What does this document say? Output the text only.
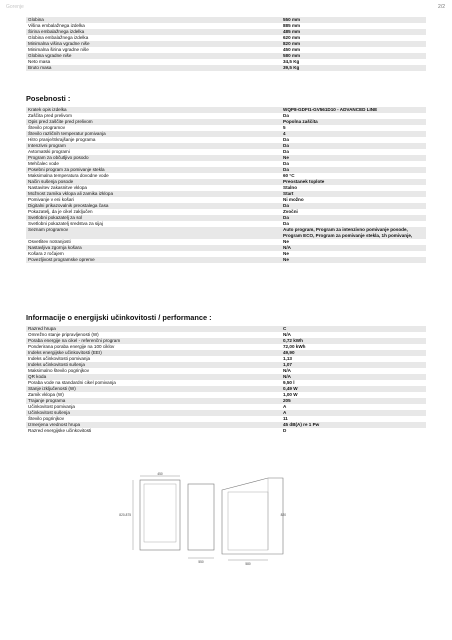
Gorenje	2/2
Globina	550 mm
Višina embalažnega izdelka	885 mm
Širina embalažnega izdelka	485 mm
Globina embalažnega izdelka	620 mm
Minimalna višina vgradne niše	820 mm
Minimalna širina vgradne niše	450 mm
Globina vgradne niše	580 mm
Neto masa	34,5 Kg
Bruto masa	39,5 Kg
Posebnosti :
Kratek opis izdelka	WQP8-GDFI1-GV561D10 - ADVANCED LINE
Zaščita pred prelivom	Da
Opis pred zaščite pred prelivom	Popolna zaščita
Število programov	5
Število različnih temperatur pomivanja	4
Hitro pranje/Skrajšanje programa	Da
Intenzivni program	Da
Avtomatski programi	Da
Program za občutljivo posodo	Ne
Mehčalec vode	Da
Posebni program za pomivanje stekla	Da
Maksimalna temperatura dovodne vode	60 °C
Način sušenja posode	Preostanek toplote
Nastavitev zakasnitve vklopa	Stalno
Možnost zamika vklopa ali zamika izklopa	Start
Pomivanje v eni košari	Ni možno
Digitalni prikazovalnik preostalega časa	Da
Pokazatelj, da je cikel zaključen	Zvočni
Svetlobni pokazatelj za sol	Da
Svetlobni pokazatelj sredstva za sijaj	Da
Seznam programov	Auto program, Program za intenzivno pomivanje posode, Program ECO, Program za pomivanje stekla, 1h pomivanje,
Osvetlitev notranjosti	Ne
Nastavljiva zgornja košara	N/A
Košara z ročajem	Ne
Povezljivost programske opreme	Ne
Informacije o energijski učinkovitosti / performance :
Razred hrupa	C
Omrežno stanje pripravljenosti (W)	N/A
Poraba energije na cikel - referenčni program	0,72 kWh
Ponderirana poraba energije na 100 ciklov	72,00 kWh
Indeks energijske učinkovitosti (EEI)	49,90
Indeks učinkovitosti pomivanja	1,13
Indeks učinkovitosti sušenja	1,07
Maksimalno število pogrinjkov	N/A
QR koda	N/A
Poraba vode na standardni cikel pomivanja	9,50 l
Stanje izključenosti (W)	0,49 W
Zamik vklopa (W)	1,00 W
Trajanje programa	205
Učinkovitost pomivanja	A
Učinkovitost sušenja	A
Število pogrinjkov	11
Izmerjena vrednost hrupa	45 dB(A) re 1 Pw
Razred energijske učinkovitosti	D
450
820-875
550	580
820
